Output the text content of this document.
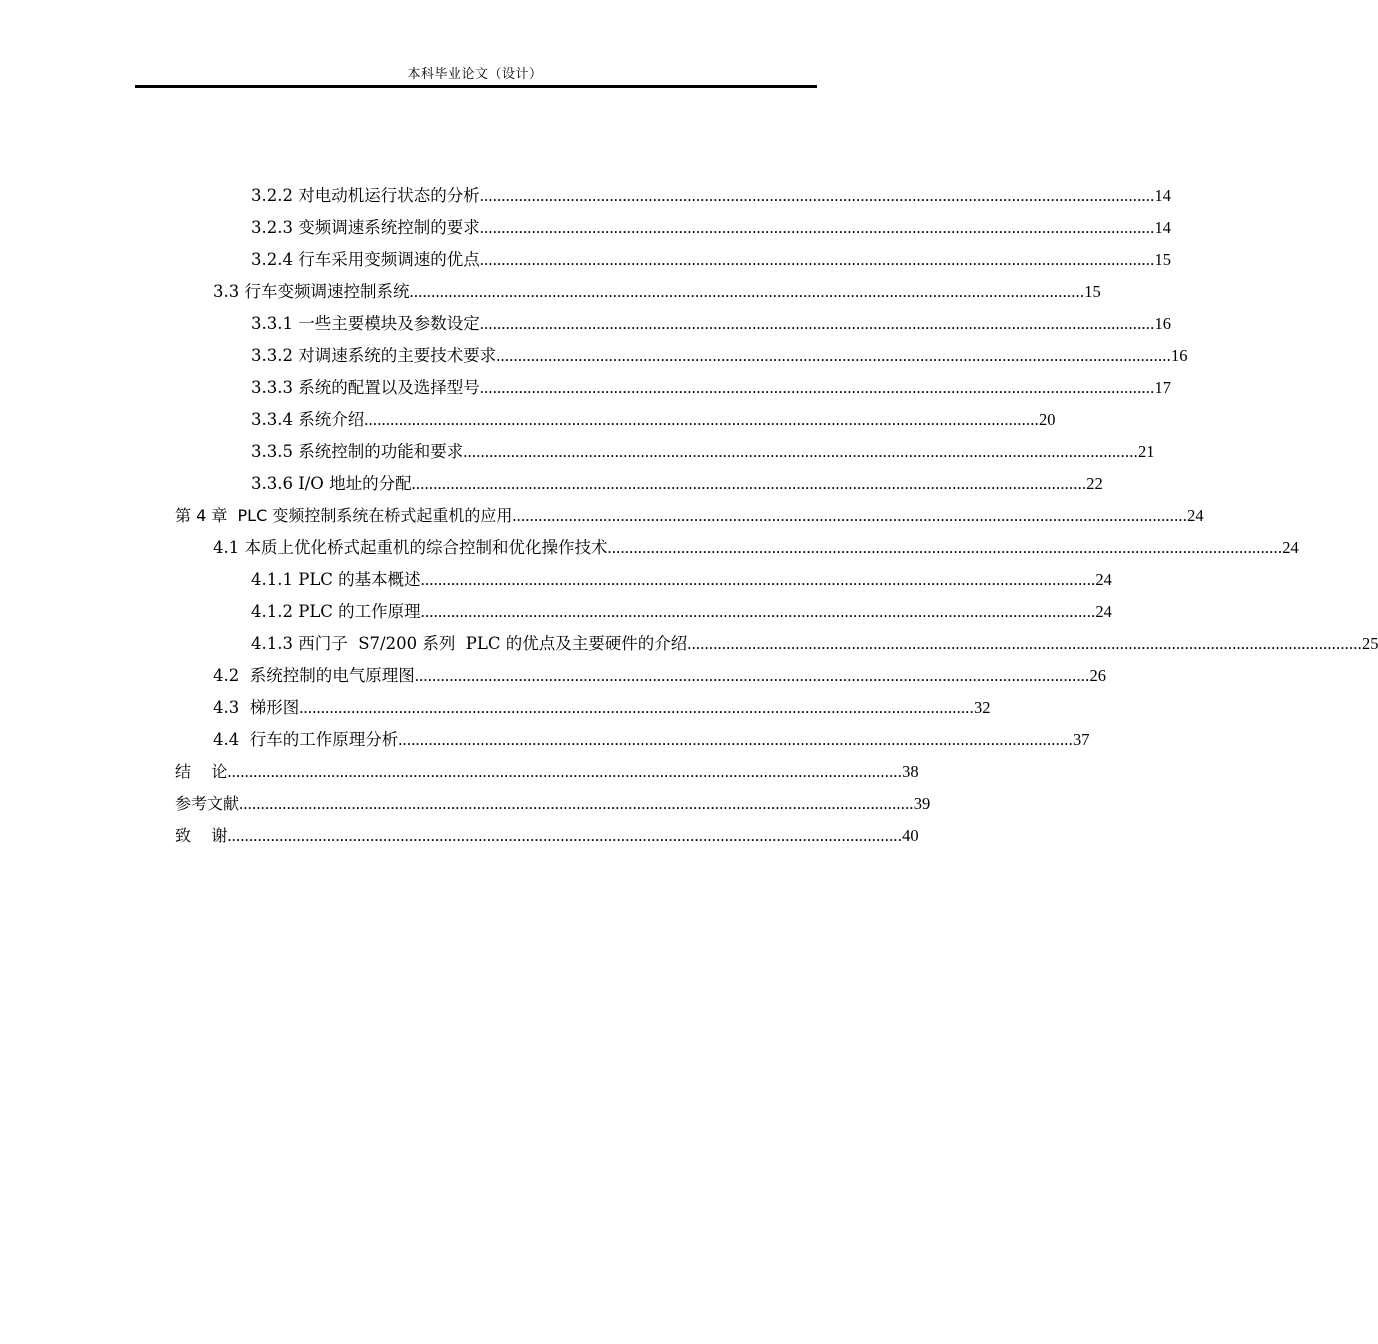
本科毕业论文（设计）
3.2.2 对电动机运行状态的分析 ............................................................................................................................................................ 14
3.2.3 变频调速系统控制的要求 ............................................................................................................................................................ 14
3.2.4 行车采用变频调速的优点 ............................................................................................................................................................ 15
3.3 行车变频调速控制系统 ............................................................................................................................................................ 15
3.3.1 一些主要模块及参数设定 ............................................................................................................................................................ 16
3.3.2 对调速系统的主要技术要求 ............................................................................................................................................................ 16
3.3.3 系统的配置以及选择型号 ............................................................................................................................................................ 17
3.3.4 系统介绍 ............................................................................................................................................................ 20
3.3.5 系统控制的功能和要求 ............................................................................................................................................................ 21
3.3.6 I/O 地址的分配 ............................................................................................................................................................ 22
第 4 章  PLC 变频控制系统在桥式起重机的应用 ............................................................................................................................................................ 24
4.1 本质上优化桥式起重机的综合控制和优化操作技术 ............................................................................................................................................................ 24
4.1.1 PLC 的基本概述 ............................................................................................................................................................ 24
4.1.2 PLC 的工作原理 ............................................................................................................................................................ 24
4.1.3 西门子  S7/200 系列  PLC 的优点及主要硬件的介绍 ............................................................................................................................................................ 25
4.2  系统控制的电气原理图 ............................................................................................................................................................ 26
4.3  梯形图 ............................................................................................................................................................ 32
4.4  行车的工作原理分析 ............................................................................................................................................................ 37
结    论 ............................................................................................................................................................ 38
参考文献 ............................................................................................................................................................ 39
致    谢 ............................................................................................................................................................ 40
